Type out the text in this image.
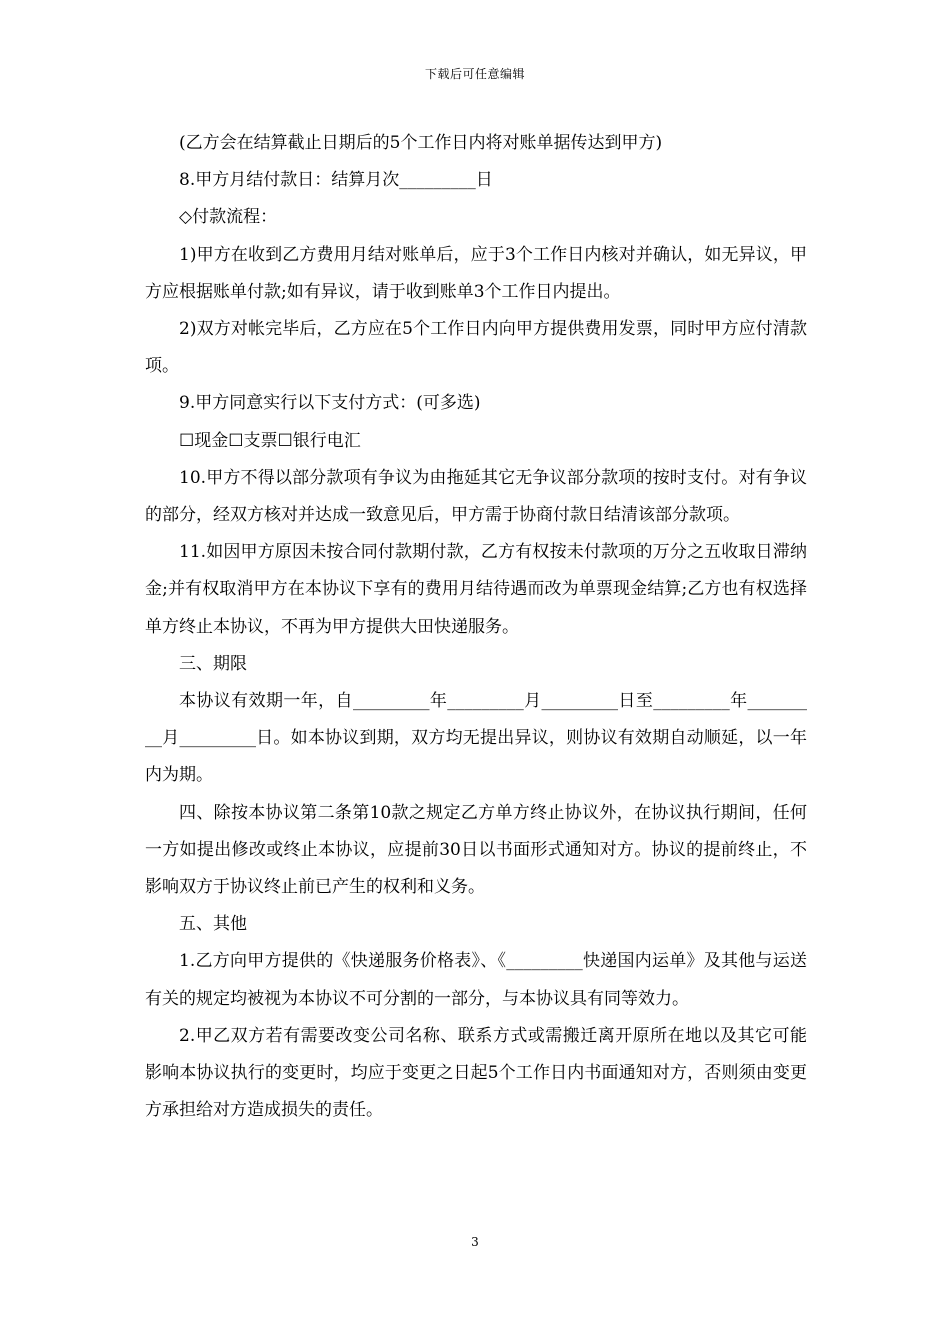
下载后可任意编辑

(乙方会在结算截止日期后的5个工作日内将对账单据传达到甲方)

8.甲方月结付款日：结算月次_________日

◇付款流程：

1)甲方在收到乙方费用月结对账单后，应于3个工作日内核对并确认，如无异议，甲方应根据账单付款;如有异议，请于收到账单3个工作日内提出。

2)双方对帐完毕后，乙方应在5个工作日内向甲方提供费用发票，同时甲方应付清款项。

9.甲方同意实行以下支付方式：(可多选)

☐现金☐支票☐银行电汇

10.甲方不得以部分款项有争议为由拖延其它无争议部分款项的按时支付。对有争议的部分，经双方核对并达成一致意见后，甲方需于协商付款日结清该部分款项。

11.如因甲方原因未按合同付款期付款，乙方有权按未付款项的万分之五收取日滞纳金;并有权取消甲方在本协议下享有的费用月结待遇而改为单票现金结算;乙方也有权选择单方终止本协议，不再为甲方提供大田快递服务。

三、期限

本协议有效期一年，自_________年_________月_________日至_________年_________月_________日。如本协议到期，双方均无提出异议，则协议有效期自动顺延，以一年内为期。

四、除按本协议第二条第10款之规定乙方单方终止协议外，在协议执行期间，任何一方如提出修改或终止本协议，应提前30日以书面形式通知对方。协议的提前终止，不影响双方于协议终止前已产生的权利和义务。

五、其他

1.乙方向甲方提供的《快递服务价格表》、《_________快递国内运单》及其他与运送有关的规定均被视为本协议不可分割的一部分，与本协议具有同等效力。

2.甲乙双方若有需要改变公司名称、联系方式或需搬迁离开原所在地以及其它可能影响本协议执行的变更时，均应于变更之日起5个工作日内书面通知对方，否则须由变更方承担给对方造成损失的责任。

3
